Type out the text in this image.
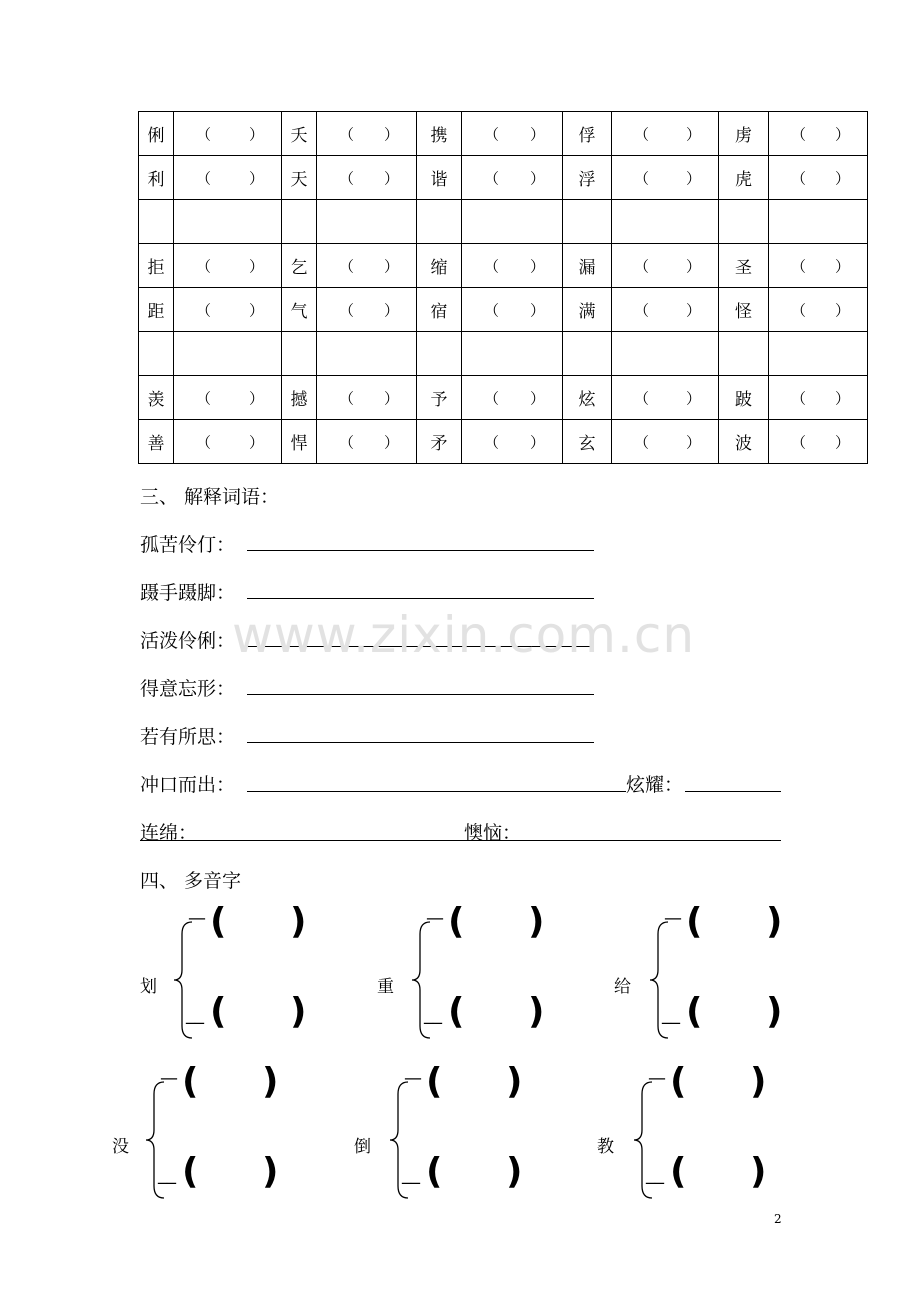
俐	（ ）	夭	（ ）	携	（ ）	俘	（ ）	虏	（ ）

利	（ ）	天	（ ）	谐	（ ）	浮	（ ）	虎	（ ）

拒	（ ）	乞	（ ）	缩	（ ）	漏	（ ）	圣	（ ）

距	（ ）	气	（ ）	宿	（ ）	满	（ ）	怪	（ ）

羡	（ ）	撼	（ ）	予	（ ）	炫	（ ）	跛	（ ）

善	（ ）	悍	（ ）	矛	（ ）	玄	（ ）	波	（ ）
三、 解释词语：
孤苦伶仃：
蹑手蹑脚：
活泼伶俐：
得意忘形：
若有所思：
冲口而出：	炫耀：
连绵：	懊恼：
四、 多音字
划
— ( )
__ ( )
重
— ( )
__ ( )
给
— ( )
__ ( )
没
— ( )
__ ( )
倒
— ( )
__ ( )
教
— ( )
__ ( )
www.zixin.com.cn
2
